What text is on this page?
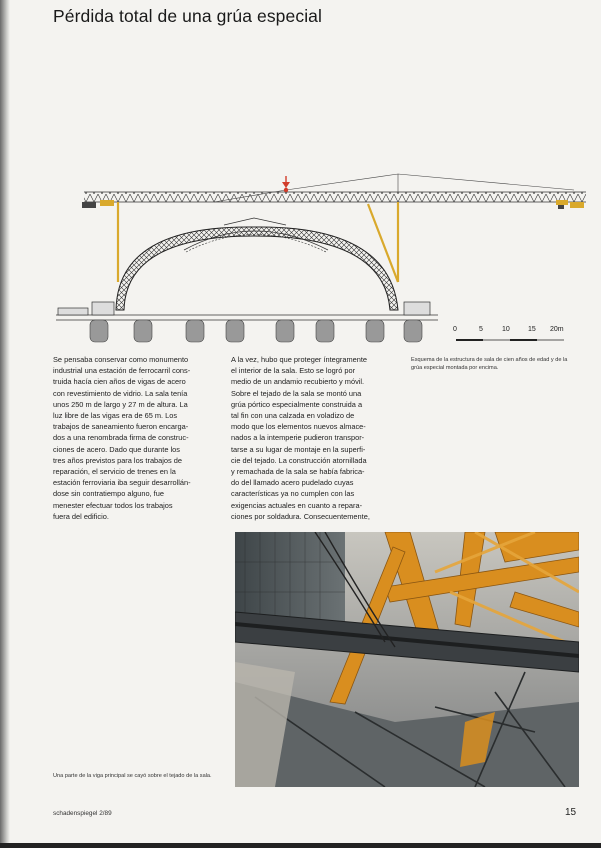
Pérdida total de una grúa especial
0	5	10	15 20m
Esquema de la estructura de sala de cien años de edad y de la grúa especial montada por encima.

Se pensaba conservar como monumento

industrial una estación de ferrocarril cons-

truida hacía cien años de vigas de acero

con revestimiento de vidrio. La sala tenía

unos 250 m de largo y 27 m de altura. La

luz libre de las vigas era de 65 m. Los

trabajos de saneamiento fueron encarga-

dos a una renombrada firma de construc-

ciones de acero. Dado que durante los

tres años previstos para los trabajos de

reparación, el servicio de trenes en la

estación ferroviaria iba seguir desarrollán-

dose sin contratiempo alguno, fue

menester efectuar todos los trabajos

fuera del edificio.

A la vez, hubo que proteger íntegramente

el interior de la sala. Esto se logró por

medio de un andamio recubierto y móvil.

Sobre el tejado de la sala se montó una

grúa pórtico especialmente construida a

tal fin con una calzada en voladizo de

modo que los elementos nuevos almace-

nados a la intemperie pudieron transpor-

tarse a su lugar de montaje en la superfi-

cie del tejado. La construcción atornillada

y remachada de la sala se había fabrica-

do del llamado acero pudelado cuyas

características ya no cumplen con las

exigencias actuales en cuanto a repara-

ciones por soldadura. Consecuentemente,

Una parte de la viga principal se cayó sobre el tejado de la sala.
schadenspiegel 2/89	15
